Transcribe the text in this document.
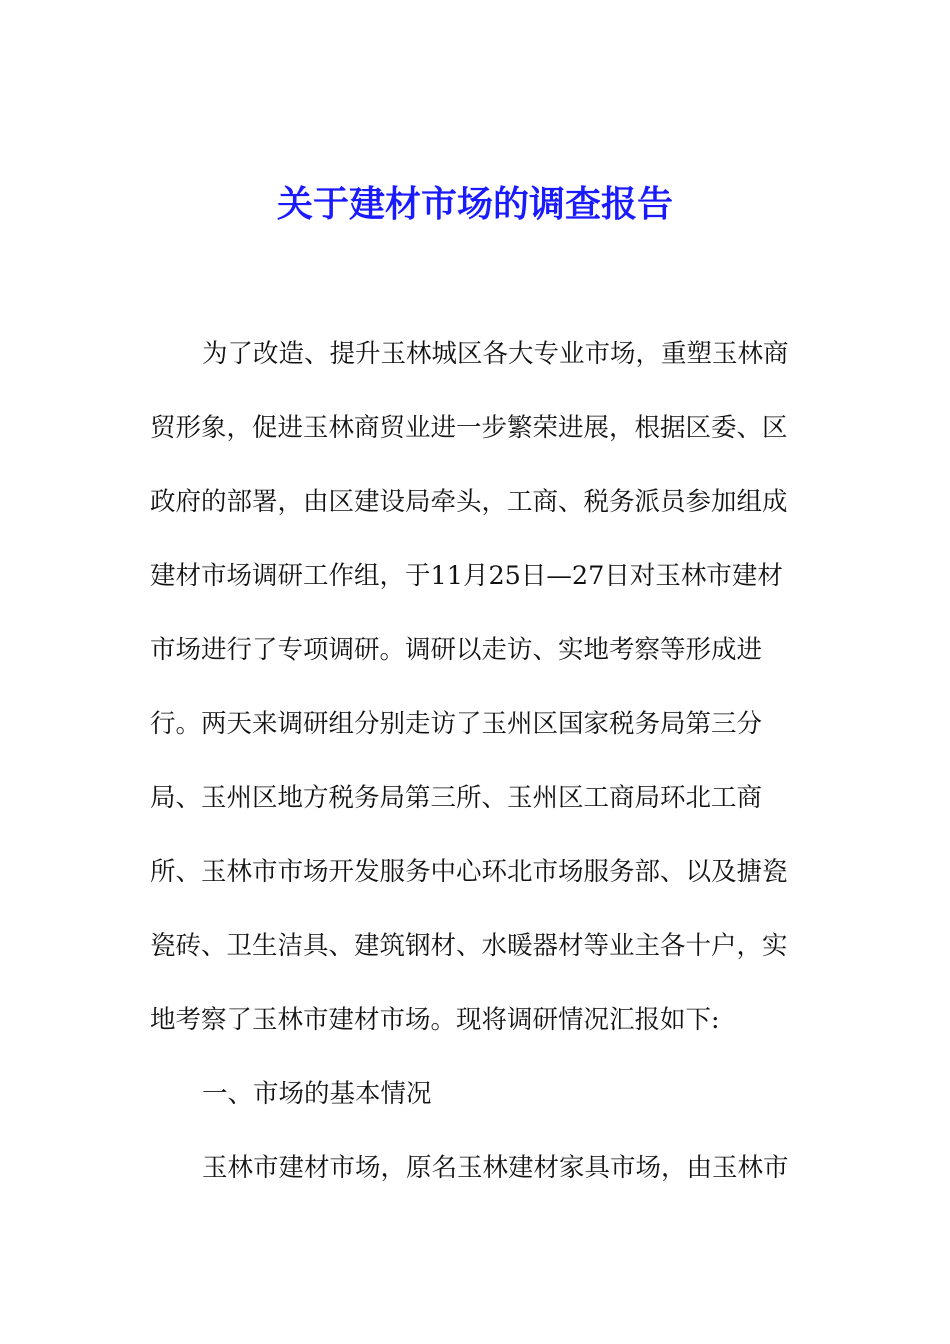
关于建材市场的调查报告

为了改造、提升玉林城区各大专业市场，重塑玉林商

贸形象，促进玉林商贸业进一步繁荣进展，根据区委、区

政府的部署，由区建设局牵头，工商、税务派员参加组成

建材市场调研工作组，于11月25日—27日对玉林市建材

市场进行了专项调研。调研以走访、实地考察等形成进

行。两天来调研组分别走访了玉州区国家税务局第三分

局、玉州区地方税务局第三所、玉州区工商局环北工商

所、玉林市市场开发服务中心环北市场服务部、以及搪瓷

瓷砖、卫生洁具、建筑钢材、水暖器材等业主各十户，实

地考察了玉林市建材市场。现将调研情况汇报如下:

一、市场的基本情况

玉林市建材市场，原名玉林建材家具市场，由玉林市
